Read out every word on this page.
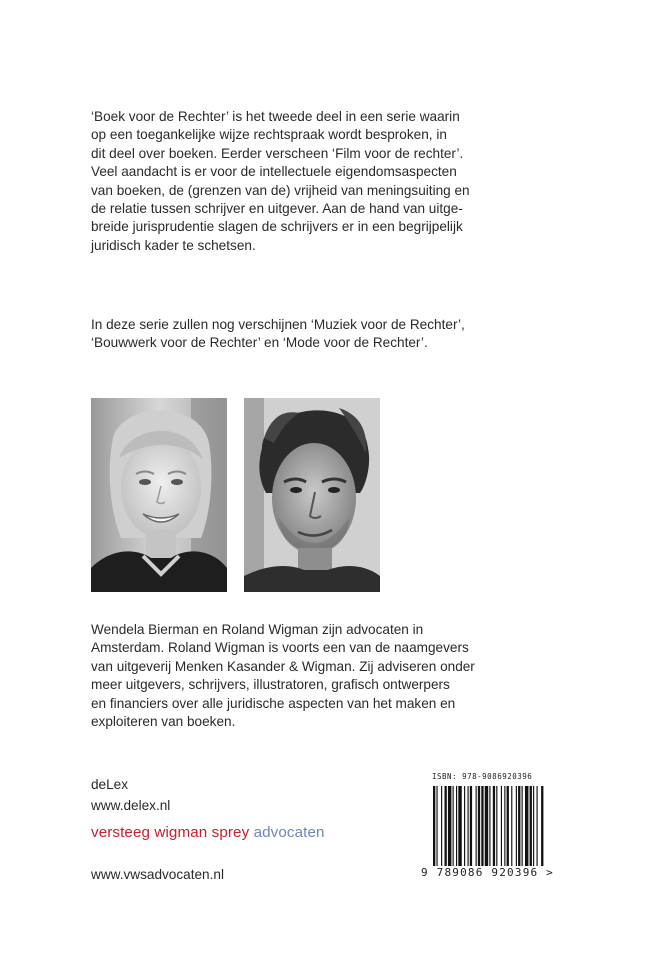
‘Boek voor de Rechter’ is het tweede deel in een serie waarin
op een toegankelijke wijze rechtspraak wordt besproken, in
dit deel over boeken. Eerder verscheen ‘Film voor de rechter’.
Veel aandacht is er voor de intellectuele eigendomsaspecten
van boeken, de (grenzen van de) vrijheid van meningsuiting en
de relatie tussen schrijver en uitgever. Aan de hand van uitge-
breide jurisprudentie slagen de schrijvers er in een begrijpelijk
juridisch kader te schetsen.
In deze serie zullen nog verschijnen ‘Muziek voor de Rechter’,
‘Bouwwerk voor de Rechter’ en ‘Mode voor de Rechter’.
Wendela Bierman en Roland Wigman zijn advocaten in
Amsterdam. Roland Wigman is voorts een van de naamgevers
van uitgeverij Menken Kasander & Wigman. Zij adviseren onder
meer uitgevers, schrijvers, illustratoren, grafisch ontwerpers
en financiers over alle juridische aspecten van het maken en
exploiteren van boeken.

deLex

www.delex.nl

versteeg wigman sprey advocaten

www.vwsadvocaten.nl

ISBN: 978-9086920396
9 789086 920396 >
